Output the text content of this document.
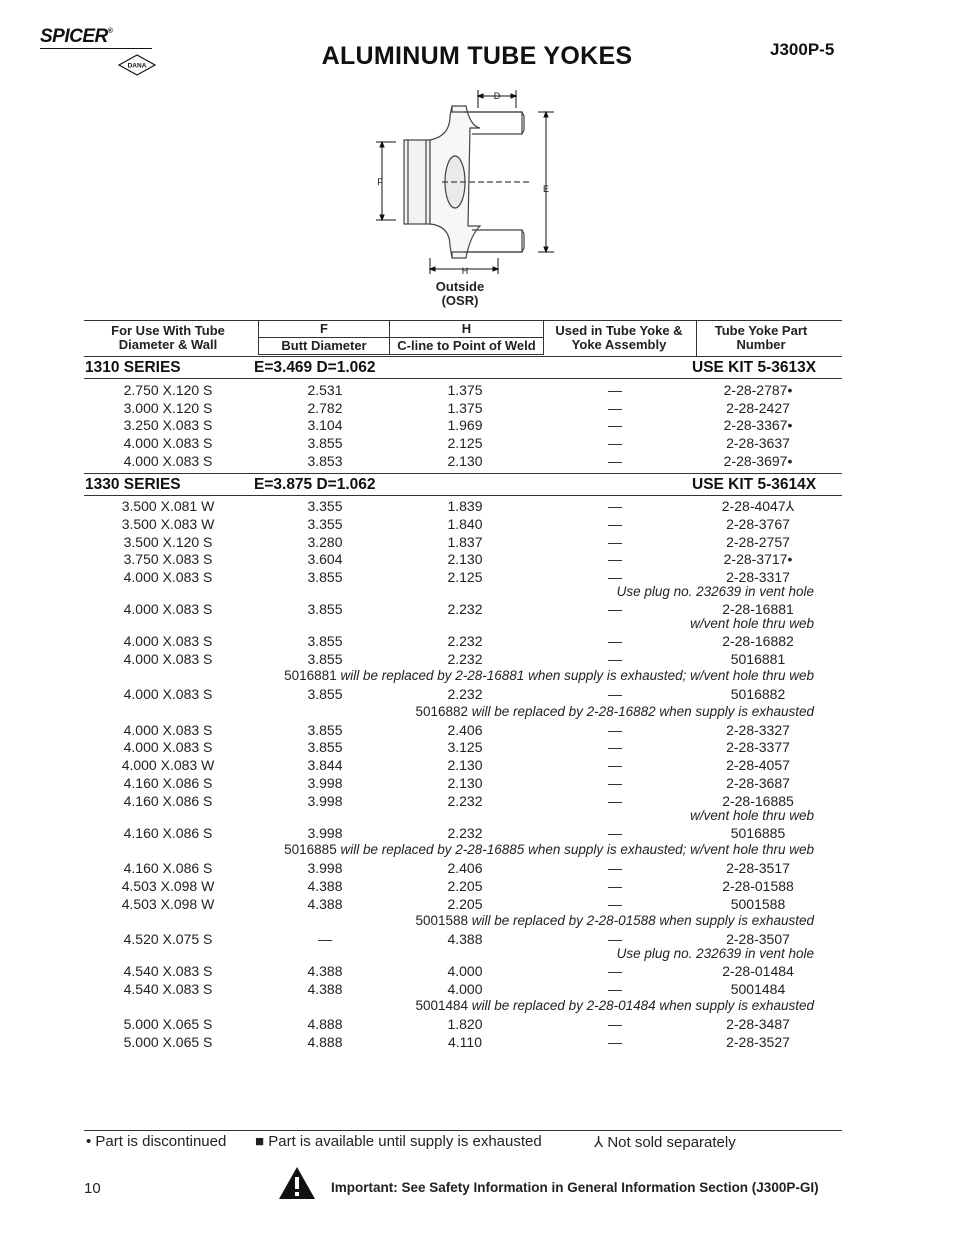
SPICER®
DANA	ALUMINUM TUBE YOKES	J300P-5
D
F
E
H
Outside (OSR)
For Use With Tube Diameter & Wall
F
Butt Diameter
H
C-line to Point of Weld
Used in Tube Yoke & Yoke Assembly
Tube Yoke Part Number
1310 SERIES	E=3.469 D=1.062	USE KIT 5-3613X
2.750 X.120 S	2.531	1.375	—	2-28-2787•
3.000 X.120 S	2.782	1.375	—	2-28-2427
3.250 X.083 S	3.104	1.969	—	2-28-3367•
4.000 X.083 S	3.855	2.125	—	2-28-3637
4.000 X.083 S	3.853	2.130	—	2-28-3697•
1330 SERIES	E=3.875 D=1.062	USE KIT 5-3614X
3.500 X.081 W	3.355	1.839	—	2-28-4047⅄
3.500 X.083 W	3.355	1.840	—	2-28-3767
3.500 X.120 S	3.280	1.837	—	2-28-2757
3.750 X.083 S	3.604	2.130	—	2-28-3717•
4.000 X.083 S	3.855	2.125	—	2-28-3317
Use plug no. 232639 in vent hole
4.000 X.083 S	3.855	2.232	—	2-28-16881
w/vent hole thru web
4.000 X.083 S	3.855	2.232	—	2-28-16882
4.000 X.083 S	3.855	2.232	—	5016881
5016881 will be replaced by 2-28-16881 when supply is exhausted; w/vent hole thru web
4.000 X.083 S	3.855	2.232	—	5016882
5016882 will be replaced by 2-28-16882 when supply is exhausted
4.000 X.083 S	3.855	2.406	—	2-28-3327
4.000 X.083 S	3.855	3.125	—	2-28-3377
4.000 X.083 W	3.844	2.130	—	2-28-4057
4.160 X.086 S	3.998	2.130	—	2-28-3687
4.160 X.086 S	3.998	2.232	—	2-28-16885
w/vent hole thru web
4.160 X.086 S	3.998	2.232	—	5016885
5016885 will be replaced by 2-28-16885 when supply is exhausted; w/vent hole thru web
4.160 X.086 S	3.998	2.406	—	2-28-3517
4.503 X.098 W	4.388	2.205	—	2-28-01588
4.503 X.098 W	4.388	2.205	—	5001588
5001588 will be replaced by 2-28-01588 when supply is exhausted
4.520 X.075 S	—	4.388	—	2-28-3507
Use plug no. 232639 in vent hole
4.540 X.083 S	4.388	4.000	—	2-28-01484
4.540 X.083 S	4.388	4.000	—	5001484
5001484 will be replaced by 2-28-01484 when supply is exhausted
5.000 X.065 S	4.888	1.820	—	2-28-3487
5.000 X.065 S	4.888	4.110	—	2-28-3527
• Part is discontinued ■ Part is available until supply is exhausted	⅄ Not sold separately
10	Important: See Safety Information in General Information Section (J300P-GI)
